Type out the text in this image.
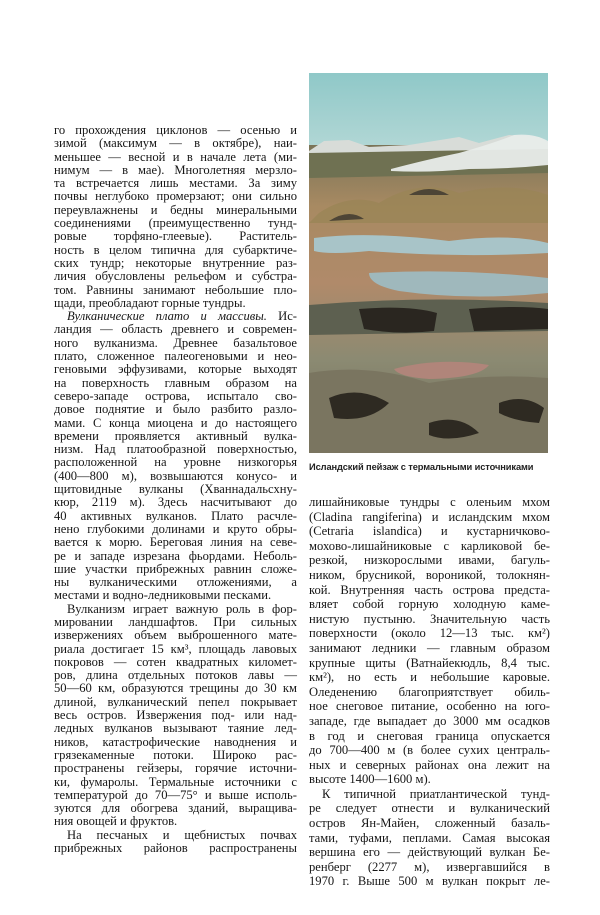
го прохождения циклонов — осенью и
зимой (максимум — в октябре), наи-
меньшее — весной и в начале лета (ми-
нимум — в мае). Многолетняя мерзло-
та встречается лишь местами. За зиму
почвы неглубоко промерзают; они сильно
переувлажнены и бедны минеральными
соединениями (преимущественно тунд-
ровые торфяно-глеевые). Раститель-
ность в целом типична для субарктиче-
ских тундр; некоторые внутренние раз-
личия обусловлены рельефом и субстра-
том. Равнины занимают небольшие пло-
щади, преобладают горные тундры.
Вулканические плато и массивы. Ис-
ландия — область древнего и современ-
ного вулканизма. Древнее базальтовое
плато, сложенное палеогеновыми и нео-
геновыми эффузивами, которые выходят
на поверхность главным образом на
северо-западе острова, испытало сво-
довое поднятие и было разбито разло-
мами. С конца миоцена и до настоящего
времени проявляется активный вулка-
низм. Над платообразной поверхностью,
расположенной на уровне низкогорья
(400—800 м), возвышаются конусо- и
щитовидные вулканы (Хваннадальсхну-
кюр, 2119 м). Здесь насчитывают до
40 активных вулканов. Плато расчле-
нено глубокими долинами и круто обры-
вается к морю. Береговая линия на севе-
ре и западе изрезана фьордами. Неболь-
шие участки прибрежных равнин сложе-
ны вулканическими отложениями, а
местами и водно-ледниковыми песками.
Вулканизм играет важную роль в фор-
мировании ландшафтов. При сильных
извержениях объем выброшенного мате-
риала достигает 15 км³, площадь лавовых
покровов — сотен квадратных километ-
ров, длина отдельных потоков лавы —
50—60 км, образуются трещины до 30 км
длиной, вулканический пепел покрывает
весь остров. Извержения под- или над-
ледных вулканов вызывают таяние лед-
ников, катастрофические наводнения и
грязекаменные потоки. Широко рас-
пространены гейзеры, горячие источни-
ки, фумаролы. Термальные источники с
температурой до 70—75° и выше исполь-
зуются для обогрева зданий, выращива-
ния овощей и фруктов.
На песчаных и щебнистых почвах
прибрежных районов распространены
Исландский пейзаж с термальными источниками
лишайниковые тундры с оленьим мхом
(Cladina rangiferina) и исландским мхом
(Cetraria islandica) и кустарничково-
мохово-лишайниковые с карликовой бе-
резкой, низкорослыми ивами, багуль-
ником, брусникой, вороникой, толокнян-
кой. Внутренняя часть острова предста-
вляет собой горную холодную каме-
нистую пустыню. Значительную часть
поверхности (около 12—13 тыс. км²)
занимают ледники — главным образом
крупные щиты (Ватнайекюдль, 8,4 тыс.
км²), но есть и небольшие каровые.
Оледенению благоприятствует обиль-
ное снеговое питание, особенно на юго-
западе, где выпадает до 3000 мм осадков
в год и снеговая граница опускается
до 700—400 м (в более сухих централь-
ных и северных районах она лежит на
высоте 1400—1600 м).
К типичной приатлантической тунд-
ре следует отнести и вулканический
остров Ян-Майен, сложенный базаль-
тами, туфами, пеплами. Самая высокая
вершина его — действующий вулкан Бе-
ренберг (2277 м), извергавшийся в
1970 г. Выше 500 м вулкан покрыт ле-
